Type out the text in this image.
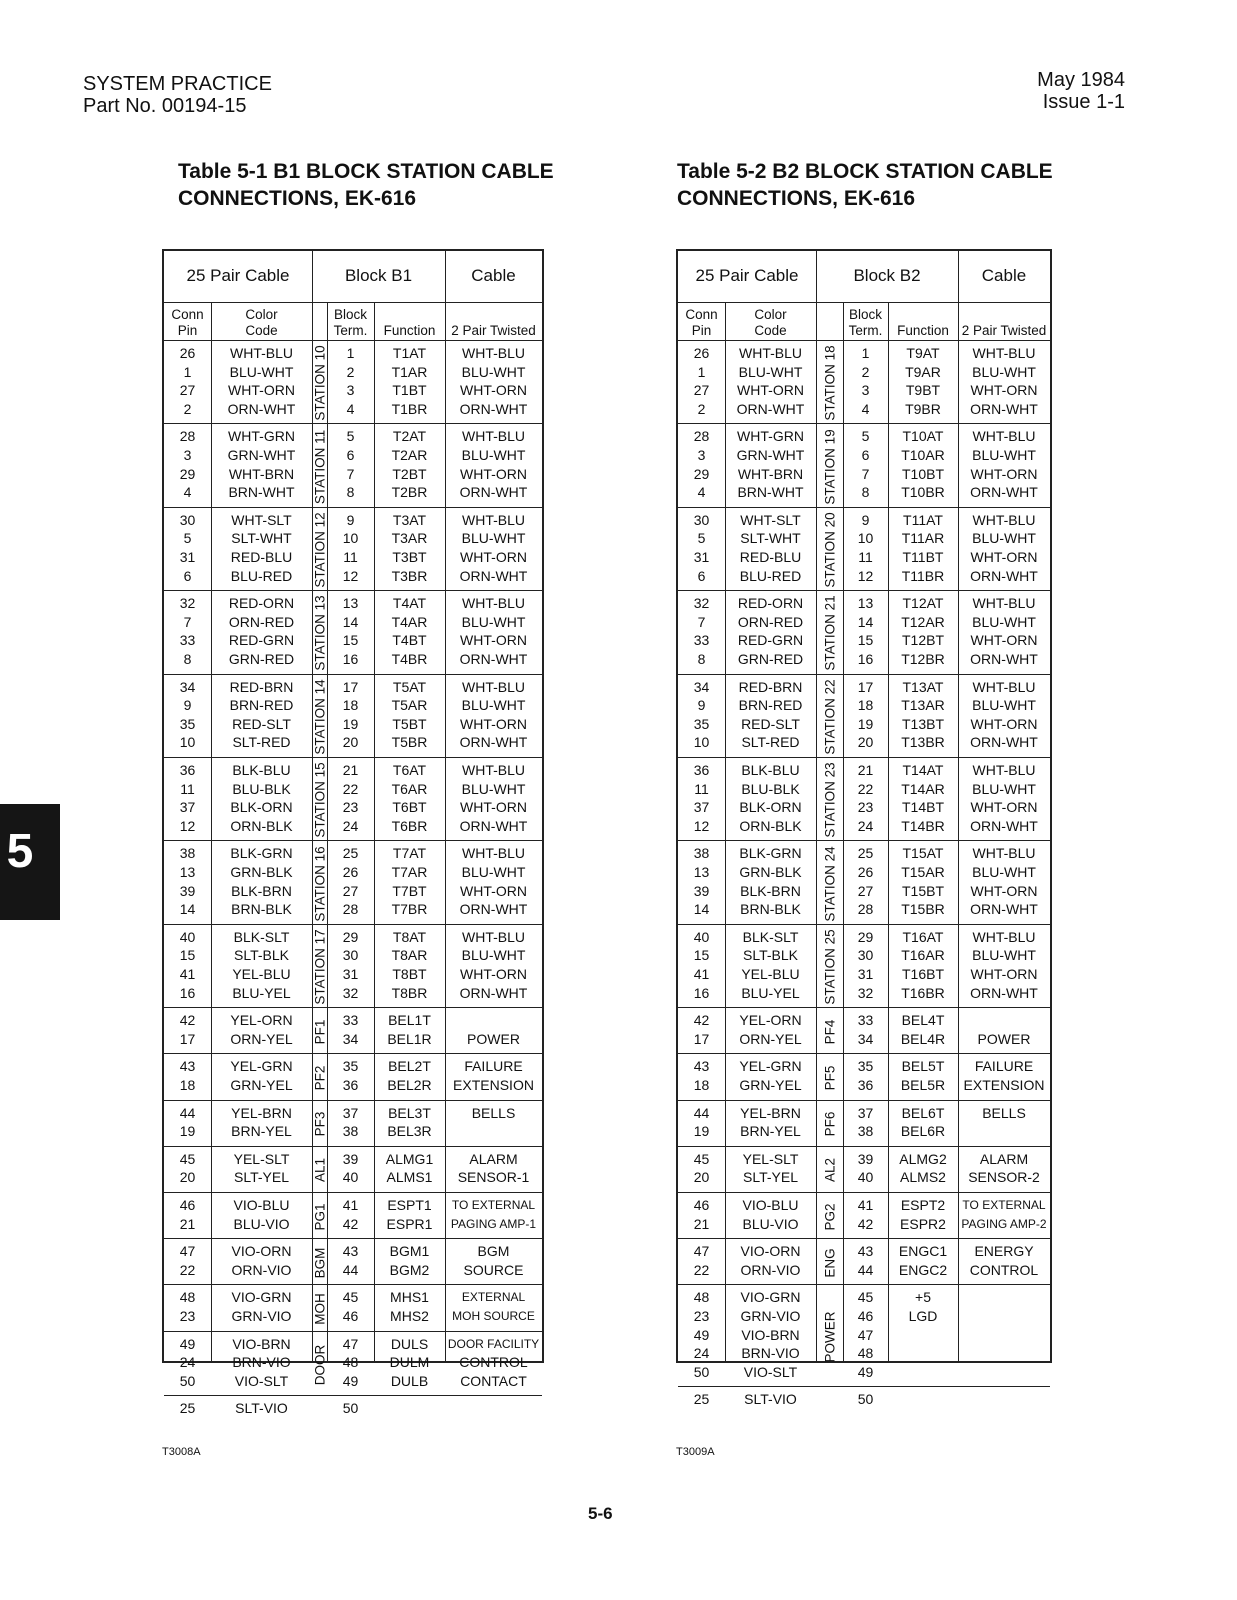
SYSTEM PRACTICE
Part No. 00194-15
May 1984
Issue 1-1
Table 5-1 B1 BLOCK STATION CABLE
CONNECTIONS, EK-616
Table 5-2 B2 BLOCK STATION CABLE
CONNECTIONS, EK-616
25 Pair Cable	Block B1	Cable
Conn
Pin
Color
Code
Block
Term.	Function	2 Pair Twisted
26	WHT-BLU	1	T1AT	WHT-BLU
1	BLU-WHT	2	T1AR	BLU-WHT
27	WHT-ORN	3	T1BT	WHT-ORN
2	ORN-WHT	4	T1BR	ORN-WHT
STATION 10
28	WHT-GRN	5	T2AT	WHT-BLU
3	GRN-WHT	6	T2AR	BLU-WHT
29	WHT-BRN	7	T2BT	WHT-ORN
4	BRN-WHT	8	T2BR	ORN-WHT
STATION 11
30	WHT-SLT	9	T3AT	WHT-BLU
5	SLT-WHT	10	T3AR	BLU-WHT
31	RED-BLU	11	T3BT	WHT-ORN
6	BLU-RED	12	T3BR	ORN-WHT
STATION 12
32	RED-ORN	13	T4AT	WHT-BLU
7	ORN-RED	14	T4AR	BLU-WHT
33	RED-GRN	15	T4BT	WHT-ORN
8	GRN-RED	16	T4BR	ORN-WHT
STATION 13
34	RED-BRN	17	T5AT	WHT-BLU
9	BRN-RED	18	T5AR	BLU-WHT
35	RED-SLT	19	T5BT	WHT-ORN
10	SLT-RED	20	T5BR	ORN-WHT
STATION 14
36	BLK-BLU	21	T6AT	WHT-BLU
11	BLU-BLK	22	T6AR	BLU-WHT
37	BLK-ORN	23	T6BT	WHT-ORN
12	ORN-BLK	24	T6BR	ORN-WHT
STATION 15
38	BLK-GRN	25	T7AT	WHT-BLU
13	GRN-BLK	26	T7AR	BLU-WHT
39	BLK-BRN	27	T7BT	WHT-ORN
14	BRN-BLK	28	T7BR	ORN-WHT
STATION 16
40	BLK-SLT	29	T8AT	WHT-BLU
15	SLT-BLK	30	T8AR	BLU-WHT
41	YEL-BLU	31	T8BT	WHT-ORN
16	BLU-YEL	32	T8BR	ORN-WHT
STATION 17
42	YEL-ORN	33	BEL1T
17	ORN-YEL	34	BEL1R	POWER
PF1
43	YEL-GRN	35	BEL2T	FAILURE
18	GRN-YEL	36	BEL2R	EXTENSION
PF2
44	YEL-BRN	37	BEL3T	BELLS
19	BRN-YEL	38	BEL3R
PF3
45	YEL-SLT	39	ALMG1	ALARM
20	SLT-YEL	40	ALMS1	SENSOR-1
AL1
46	VIO-BLU	41	ESPT1	TO EXTERNAL
21	BLU-VIO	42	ESPR1	PAGING AMP-1
PG1
47	VIO-ORN	43	BGM1	BGM
22	ORN-VIO	44	BGM2	SOURCE
BGM
48	VIO-GRN	45	MHS1	EXTERNAL
23	GRN-VIO	46	MHS2	MOH SOURCE
MOH
49	VIO-BRN	47	DULS	DOOR FACILITY
24	BRN-VIO	48	DULM	CONTROL
50	VIO-SLT	49	DULB	CONTACT
DOOR
25	SLT-VIO	50
25 Pair Cable	Block B2	Cable
Conn
Pin
Color
Code
Block
Term.	Function 2 Pair Twisted
26	WHT-BLU	1	T9AT	WHT-BLU
1	BLU-WHT	2	T9AR	BLU-WHT
27	WHT-ORN	3	T9BT	WHT-ORN
2	ORN-WHT	4	T9BR	ORN-WHT
STATION 18
28	WHT-GRN	5	T10AT	WHT-BLU
3	GRN-WHT	6	T10AR	BLU-WHT
29	WHT-BRN	7	T10BT	WHT-ORN
4	BRN-WHT	8	T10BR	ORN-WHT
STATION 19
30	WHT-SLT	9	T11AT	WHT-BLU
5	SLT-WHT	10	T11AR	BLU-WHT
31	RED-BLU	11	T11BT	WHT-ORN
6	BLU-RED	12	T11BR	ORN-WHT
STATION 20
32	RED-ORN	13	T12AT	WHT-BLU
7	ORN-RED	14	T12AR	BLU-WHT
33	RED-GRN	15	T12BT	WHT-ORN
8	GRN-RED	16	T12BR	ORN-WHT
STATION 21
34	RED-BRN	17	T13AT	WHT-BLU
9	BRN-RED	18	T13AR	BLU-WHT
35	RED-SLT	19	T13BT	WHT-ORN
10	SLT-RED	20	T13BR	ORN-WHT
STATION 22
36	BLK-BLU	21	T14AT	WHT-BLU
11	BLU-BLK	22	T14AR	BLU-WHT
37	BLK-ORN	23	T14BT	WHT-ORN
12	ORN-BLK	24	T14BR	ORN-WHT
STATION 23
38	BLK-GRN	25	T15AT	WHT-BLU
13	GRN-BLK	26	T15AR	BLU-WHT
39	BLK-BRN	27	T15BT	WHT-ORN
14	BRN-BLK	28	T15BR	ORN-WHT
STATION 24
40	BLK-SLT	29	T16AT	WHT-BLU
15	SLT-BLK	30	T16AR	BLU-WHT
41	YEL-BLU	31	T16BT	WHT-ORN
16	BLU-YEL	32	T16BR	ORN-WHT
STATION 25
42	YEL-ORN	33	BEL4T
17	ORN-YEL	34	BEL4R	POWER
PF4
43	YEL-GRN	35	BEL5T	FAILURE
18	GRN-YEL	36	BEL5R	EXTENSION
PF5
44	YEL-BRN	37	BEL6T	BELLS
19	BRN-YEL	38	BEL6R
PF6
45	YEL-SLT	39	ALMG2	ALARM
20	SLT-YEL	40	ALMS2	SENSOR-2
AL2
46	VIO-BLU	41	ESPT2	TO EXTERNAL
21	BLU-VIO	42	ESPR2	PAGING AMP-2
PG2
47	VIO-ORN	43	ENGC1	ENERGY
22	ORN-VIO	44	ENGC2	CONTROL
ENG
48	VIO-GRN	45	+5
23	GRN-VIO	46	LGD
49	VIO-BRN	47
24	BRN-VIO	48
50	VIO-SLT	49
POWER
25	SLT-VIO	50
T3008A	T3009A
5
5-6
